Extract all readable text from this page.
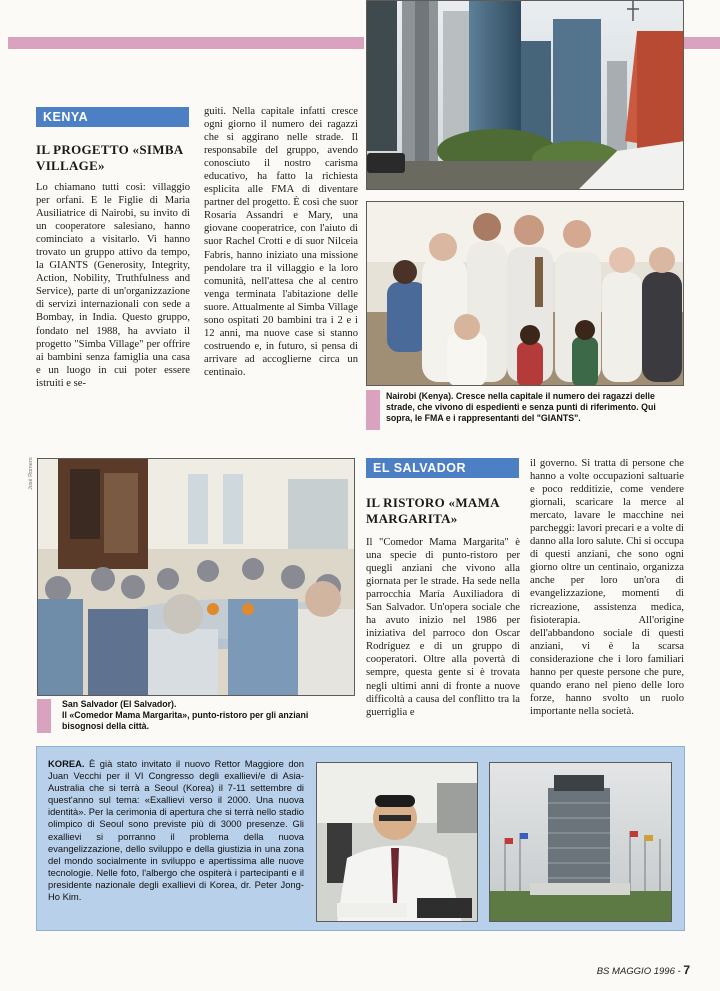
KENYA
IL PROGETTO «SIMBA VILLAGE»
Lo chiamano tutti così: villaggio per orfani. E le Figlie di Maria Ausiliatrice di Nairobi, su invito di un cooperatore salesiano, hanno cominciato a visitarlo. Vi hanno trovato un gruppo attivo da tempo, la GIANTS (Generosity, Integrity, Action, Nobility, Truthfulness and Service), parte di un'organizzazione di servizi internazionali con sede a Bombay, in India. Questo gruppo, fondato nel 1988, ha avviato il progetto "Simba Village" per offrire ai bambini senza famiglia una casa e un luogo in cui poter essere istruiti e se-
guiti. Nella capitale infatti cresce ogni giorno il numero dei ragazzi che si aggirano nelle strade. Il responsabile del gruppo, avendo conosciuto il nostro carisma educativo, ha fatto la richiesta esplicita alle FMA di diventare partner del progetto. È così che suor Rosaria Assandri e Mary, una giovane cooperatrice, con l'aiuto di suor Rachel Crotti e di suor Nilceia Fabris, hanno iniziato una missione pendolare tra il villaggio e la loro comunità, nell'attesa che al centro venga terminata l'abitazione delle suore. Attualmente al Simba Village sono ospitati 20 bambini tra i 2 e i 12 anni, ma nuove case si stanno costruendo e, in futuro, si pensa di arrivare ad accoglierne circa un centinaio.
Nairobi (Kenya). Cresce nella capitale il numero dei ragazzi delle strade, che vivono di espedienti e senza punti di riferimento. Qui sopra, le FMA e i rappresentanti del "GIANTS".
José Romero
San Salvador (El Salvador).
Il «Comedor Mama Margarita», punto-ristoro per gli anziani bisognosi della città.
EL SALVADOR
IL RISTORO «MAMA MARGARITA»
Il "Comedor Mama Margarita" è una specie di punto-ristoro per quegli anziani che vivono alla giornata per le strade. Ha sede nella parrocchia María Auxiliadora di San Salvador. Un'opera sociale che ha avuto inizio nel 1986 per iniziativa del parroco don Oscar Rodríguez e di un gruppo di cooperatori. Oltre alla povertà di sempre, questa gente si è trovata negli ultimi anni di fronte a nuove difficoltà a causa del conflitto tra la guerriglia e
il governo. Si tratta di persone che hanno a volte occupazioni saltuarie e poco redditizie, come vendere giornali, scaricare la merce al mercato, lavare le macchine nei parcheggi: lavori precari e a volte di danno alla loro salute. Chi si occupa di questi anziani, che sono ogni giorno oltre un centinaio, organizza anche per loro un'ora di evangelizzazione, momenti di ricreazione, assistenza medica, fisioterapia. All'origine dell'abbandono sociale di questi anziani, vi è la scarsa considerazione che i loro familiari hanno per queste persone che pure, quando erano nel pieno delle loro forze, hanno svolto un ruolo importante nella società.
KOREA. È già stato invitato il nuovo Rettor Maggiore don Juan Vecchi per il VI Congresso degli exallievi/e di Asia-Australia che si terrà a Seoul (Korea) il 7-11 settembre di quest'anno sul tema: «Exallievi verso il 2000. Una nuova identità». Per la cerimonia di apertura che si terrà nello stadio olimpico di Seoul sono previste più di 3000 presenze. Gli exallievi si porranno il problema della nuova evangelizzazione, dello sviluppo e della giustizia in una zona del mondo socialmente in sviluppo e apertissima alle nuove tecnologie. Nelle foto, l'albergo che ospiterà i partecipanti e il presidente nazionale degli exallievi di Korea, dr. Peter Jong-Ho Kim.
BS MAGGIO 1996 - 7
